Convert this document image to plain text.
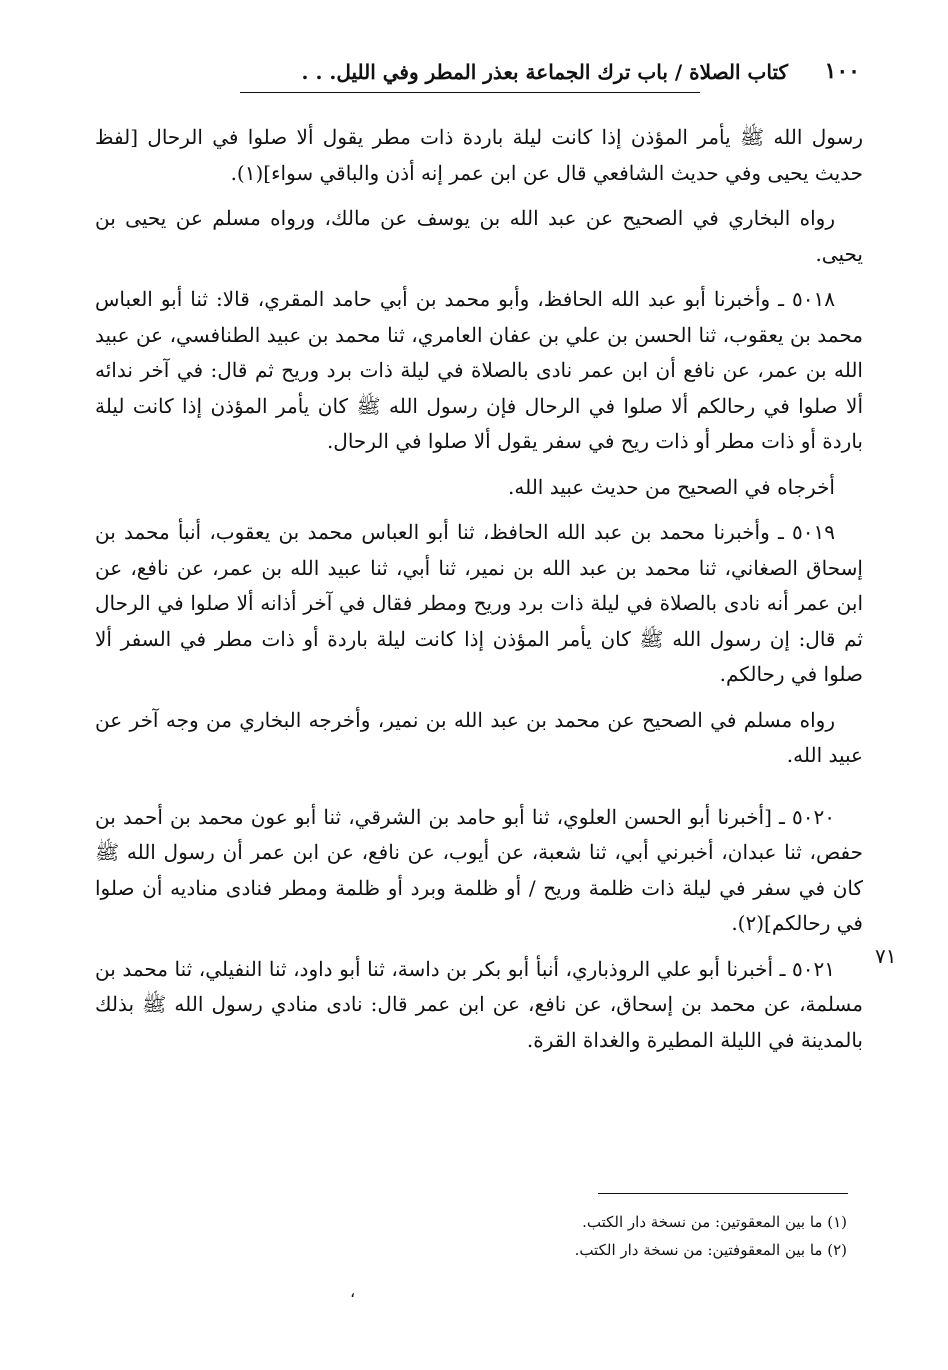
١٠٠
كتاب الصلاة / باب ترك الجماعة بعذر المطر وفي الليل. . .

رسول الله ﷺ يأمر المؤذن إذا كانت ليلة باردة ذات مطر يقول ألا صلوا في الرحال [لفظ حديث يحيى وفي حديث الشافعي قال عن ابن عمر إنه أذن والباقي سواء](١).

رواه البخاري في الصحيح عن عبد الله بن يوسف عن مالك، ورواه مسلم عن يحيى بن يحيى.

٥٠١٨ ـ وأخبرنا أبو عبد الله الحافظ، وأبو محمد بن أبي حامد المقري، قالا: ثنا أبو العباس محمد بن يعقوب، ثنا الحسن بن علي بن عفان العامري، ثنا محمد بن عبيد الطنافسي، عن عبيد الله بن عمر، عن نافع أن ابن عمر نادى بالصلاة في ليلة ذات برد وريح ثم قال: في آخر ندائه ألا صلوا في رحالكم ألا صلوا في الرحال فإن رسول الله ﷺ كان يأمر المؤذن إذا كانت ليلة باردة أو ذات مطر أو ذات ريح في سفر يقول ألا صلوا في الرحال.

أخرجاه في الصحيح من حديث عبيد الله.

٥٠١٩ ـ وأخبرنا محمد بن عبد الله الحافظ، ثنا أبو العباس محمد بن يعقوب، أنبأ محمد بن إسحاق الصغاني، ثنا محمد بن عبد الله بن نمير، ثنا أبي، ثنا عبيد الله بن عمر، عن نافع، عن ابن عمر أنه نادى بالصلاة في ليلة ذات برد وريح ومطر فقال في آخر أذانه ألا صلوا في الرحال ثم قال: إن رسول الله ﷺ كان يأمر المؤذن إذا كانت ليلة باردة أو ذات مطر في السفر ألا صلوا في رحالكم.

رواه مسلم في الصحيح عن محمد بن عبد الله بن نمير، وأخرجه البخاري من وجه آخر عن عبيد الله.

٥٠٢٠ ـ [أخبرنا أبو الحسن العلوي، ثنا أبو حامد بن الشرقي، ثنا أبو عون محمد بن أحمد بن حفص، ثنا عبدان، أخبرني أبي، ثنا شعبة، عن أيوب، عن نافع، عن ابن عمر أن رسول الله ﷺ كان في سفر في ليلة ذات ظلمة وريح / أو ظلمة وبرد أو ظلمة ومطر فنادى مناديه أن صلوا في رحالكم](٢).

٥٠٢١ ـ أخبرنا أبو علي الروذباري، أنبأ أبو بكر بن داسة، ثنا أبو داود، ثنا النفيلي، ثنا محمد بن مسلمة، عن محمد بن إسحاق، عن نافع، عن ابن عمر قال: نادى منادي رسول الله ﷺ بذلك بالمدينة في الليلة المطيرة والغداة القرة.

٧١

(١) ما بين المعقوتين: من نسخة دار الكتب.

(٢) ما بين المعقوفتين: من نسخة دار الكتب.

،
